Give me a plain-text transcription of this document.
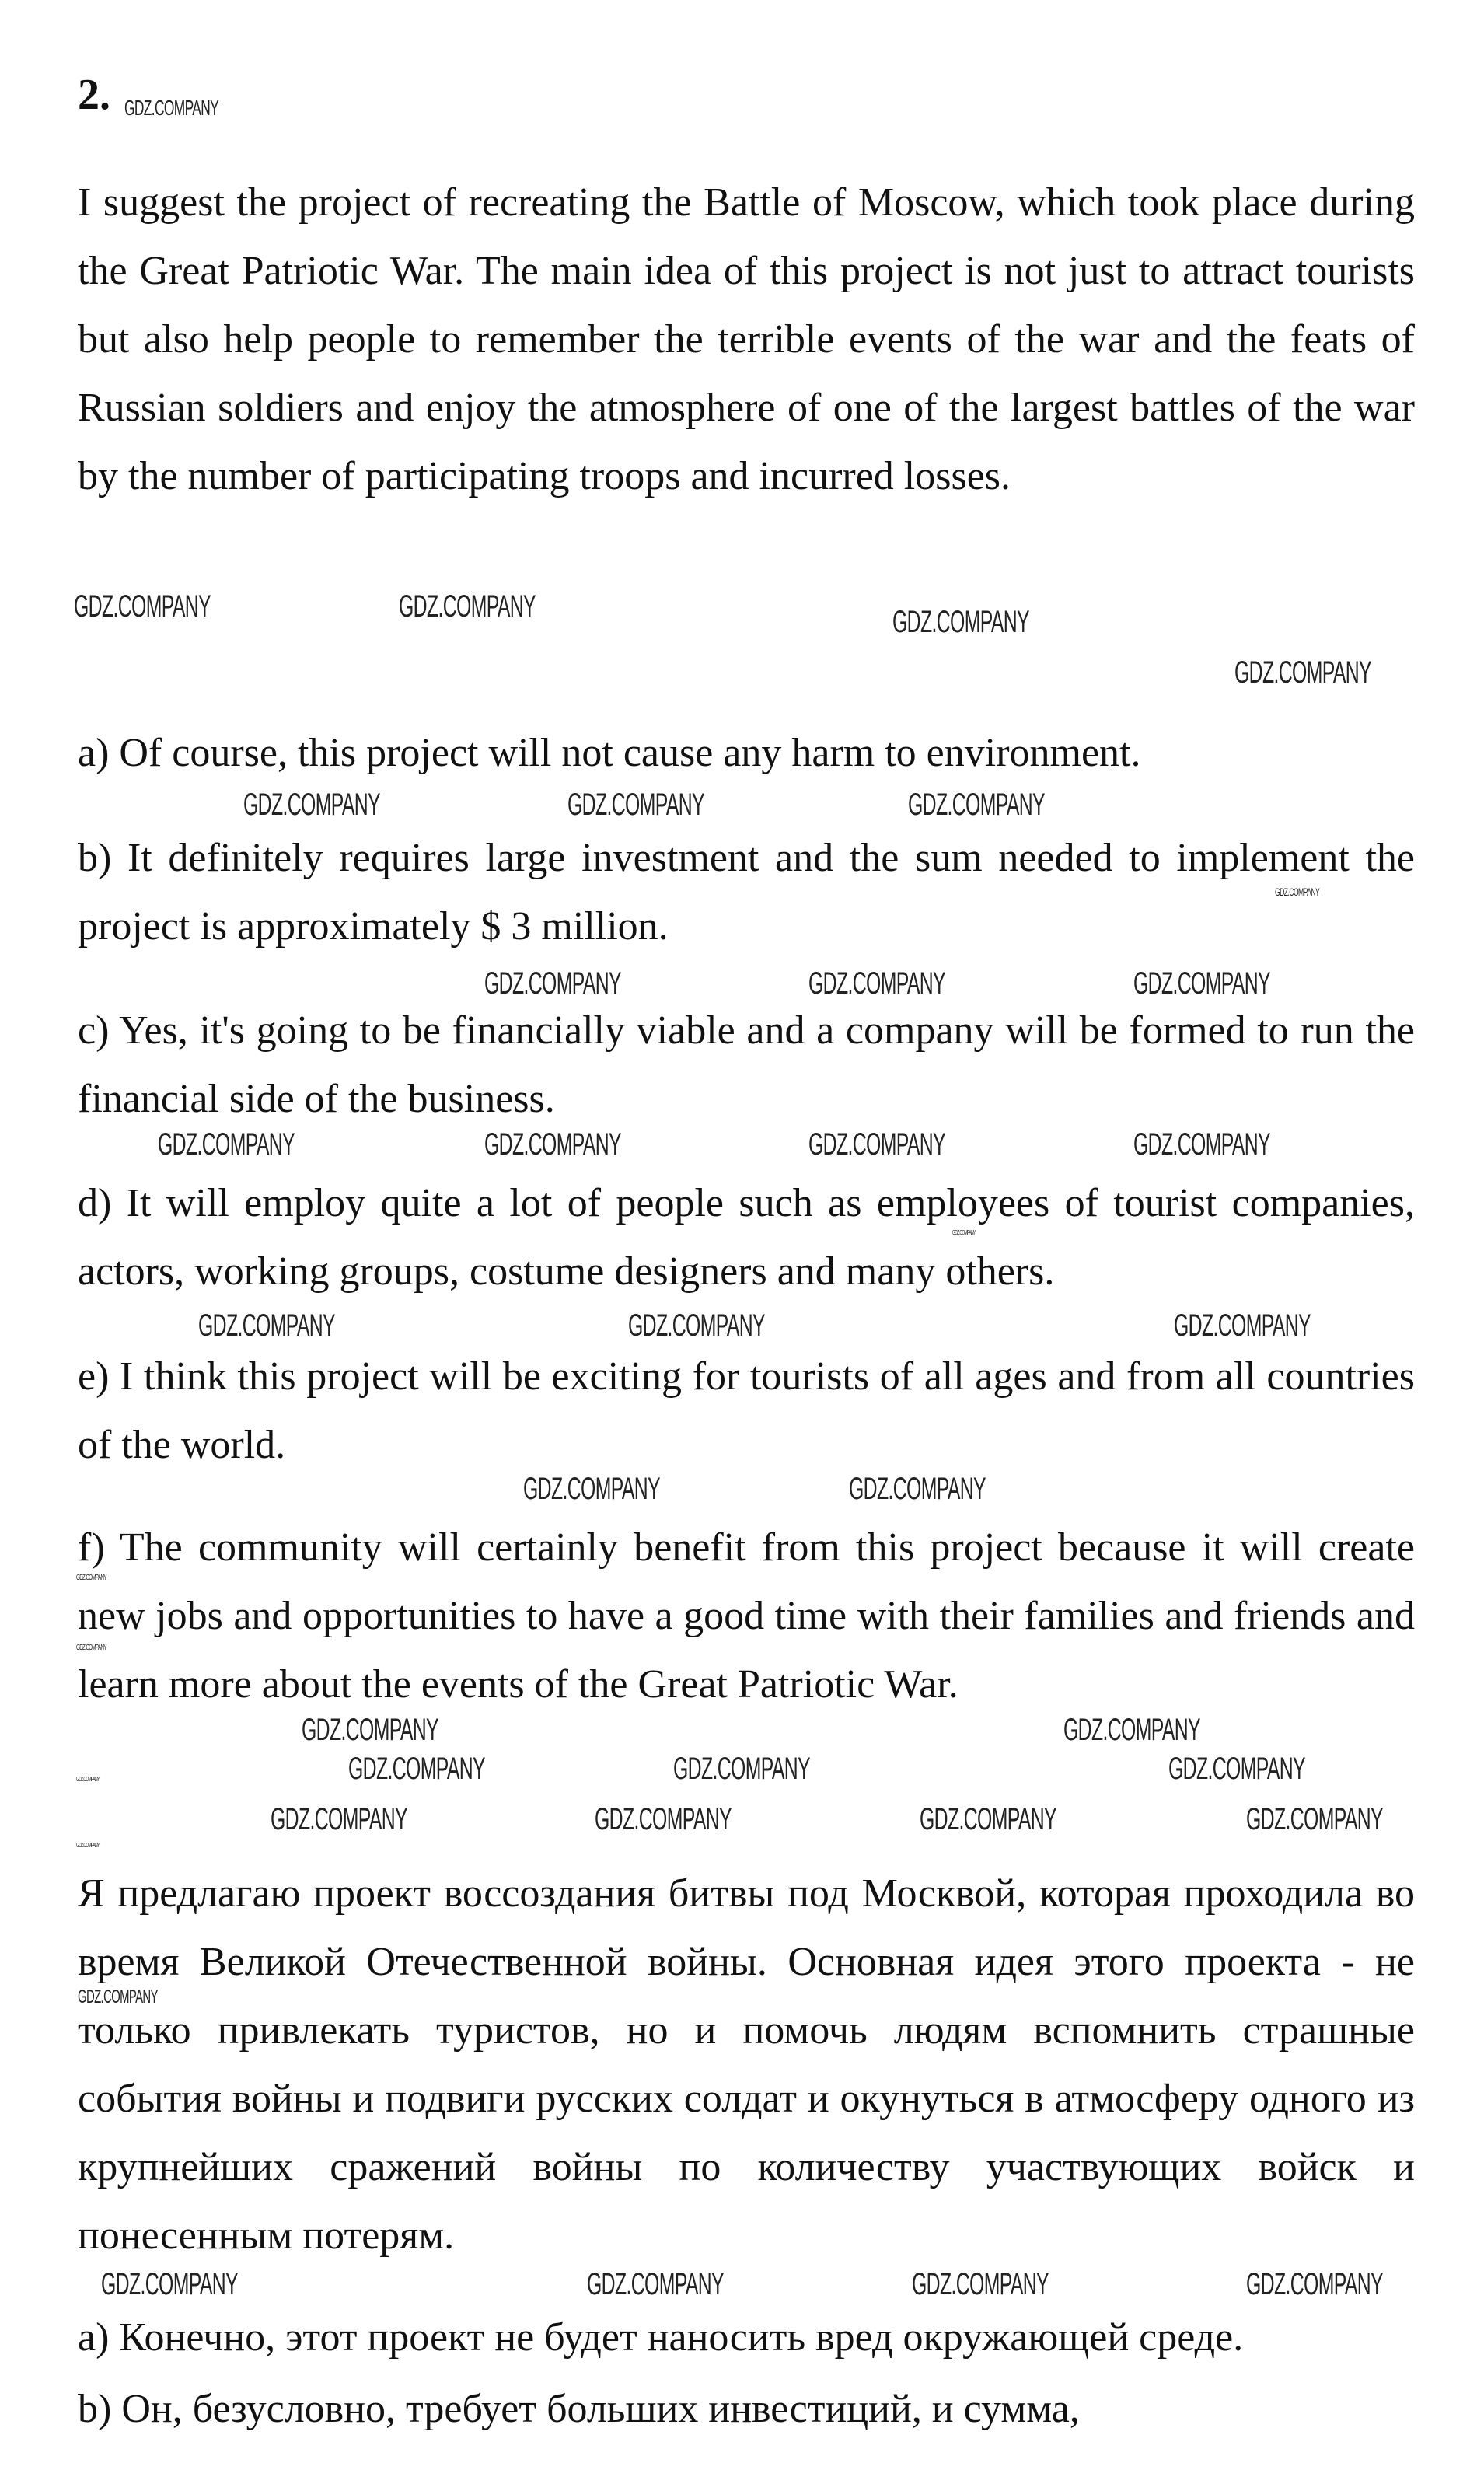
2.
I suggest the project of recreating the Battle of Moscow, which took place during the Great Patriotic War. The main idea of this project is not just to attract tourists but also help people to remember the terrible events of the war and the feats of Russian soldiers and enjoy the atmosphere of one of the largest battles of the war by the number of participating troops and incurred losses.
a) Of course, this project will not cause any harm to environment.
b) It definitely requires large investment and the sum needed to implement the project is approximately $ 3 million.
c) Yes, it's going to be financially viable and a company will be formed to run the financial side of the business.
d) It will employ quite a lot of people such as employees of tourist companies, actors, working groups, costume designers and many others.
e) I think this project will be exciting for tourists of all ages and from all countries of the world.
f) The community will certainly benefit from this project because it will create new jobs and opportunities to have a good time with their families and friends and learn more about the events of the Great Patriotic War.
Я предлагаю проект воссоздания битвы под Москвой, которая проходила во время Великой Отечественной войны. Основная идея этого проекта - не только привлекать туристов, но и помочь людям вспомнить страшные события войны и подвиги русских солдат и окунуться в атмосферу одного из крупнейших сражений войны по количеству участвующих войск и понесенным потерям.
a) Конечно, этот проект не будет наносить вред окружающей среде.
b) Он, безусловно, требует больших инвестиций, и сумма,
GDZ.COMPANY
GDZ.COMPANY	GDZ.COMPANY	GDZ.COMPANY
GDZ.COMPANY
GDZ.COMPANY	GDZ.COMPANY	GDZ.COMPANY
GDZ.COMPANY
GDZ.COMPANY	GDZ.COMPANY	GDZ.COMPANY
GDZ.COMPANY	GDZ.COMPANY	GDZ.COMPANY	GDZ.COMPANY
GDZ.COMPANY
GDZ.COMPANY	GDZ.COMPANY	GDZ.COMPANY
GDZ.COMPANY	GDZ.COMPANY
GDZ.COMPANY
GDZ.COMPANY
GDZ.COMPANY	GDZ.COMPANY
GDZ.COMPANY	GDZ.COMPANY	GDZ.COMPANY
GDZ.COMPANY
GDZ.COMPANY	GDZ.COMPANY	GDZ.COMPANY	GDZ.COMPANY
GDZ.COMPANY
GDZ.COMPANY
GDZ.COMPANY	GDZ.COMPANY	GDZ.COMPANY	GDZ.COMPANY
